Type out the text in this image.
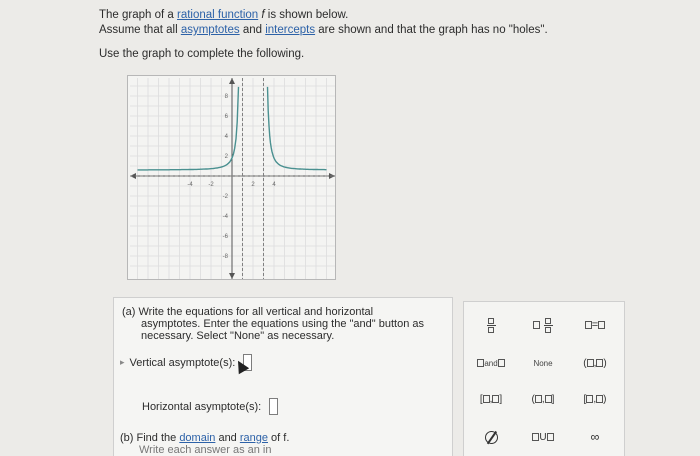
The graph of a rational function f is shown below.
Assume that all asymptotes and intercepts are shown and that the graph has no "holes".
Use the graph to complete the following.
-4	-2	2	4
8
6
4
2
-2
-4
-6
-8
(a) Write the equations for all vertical and horizontal
asymptotes. Enter the equations using the "and" button as
necessary. Select "None" as necessary.
▸ Vertical asymptote(s):
Horizontal asymptote(s):
(b) Find the domain and range of f.
Write each answer as an in

=
and	None	( , )
[ , ]	( , ]	[ , )
U	∞
